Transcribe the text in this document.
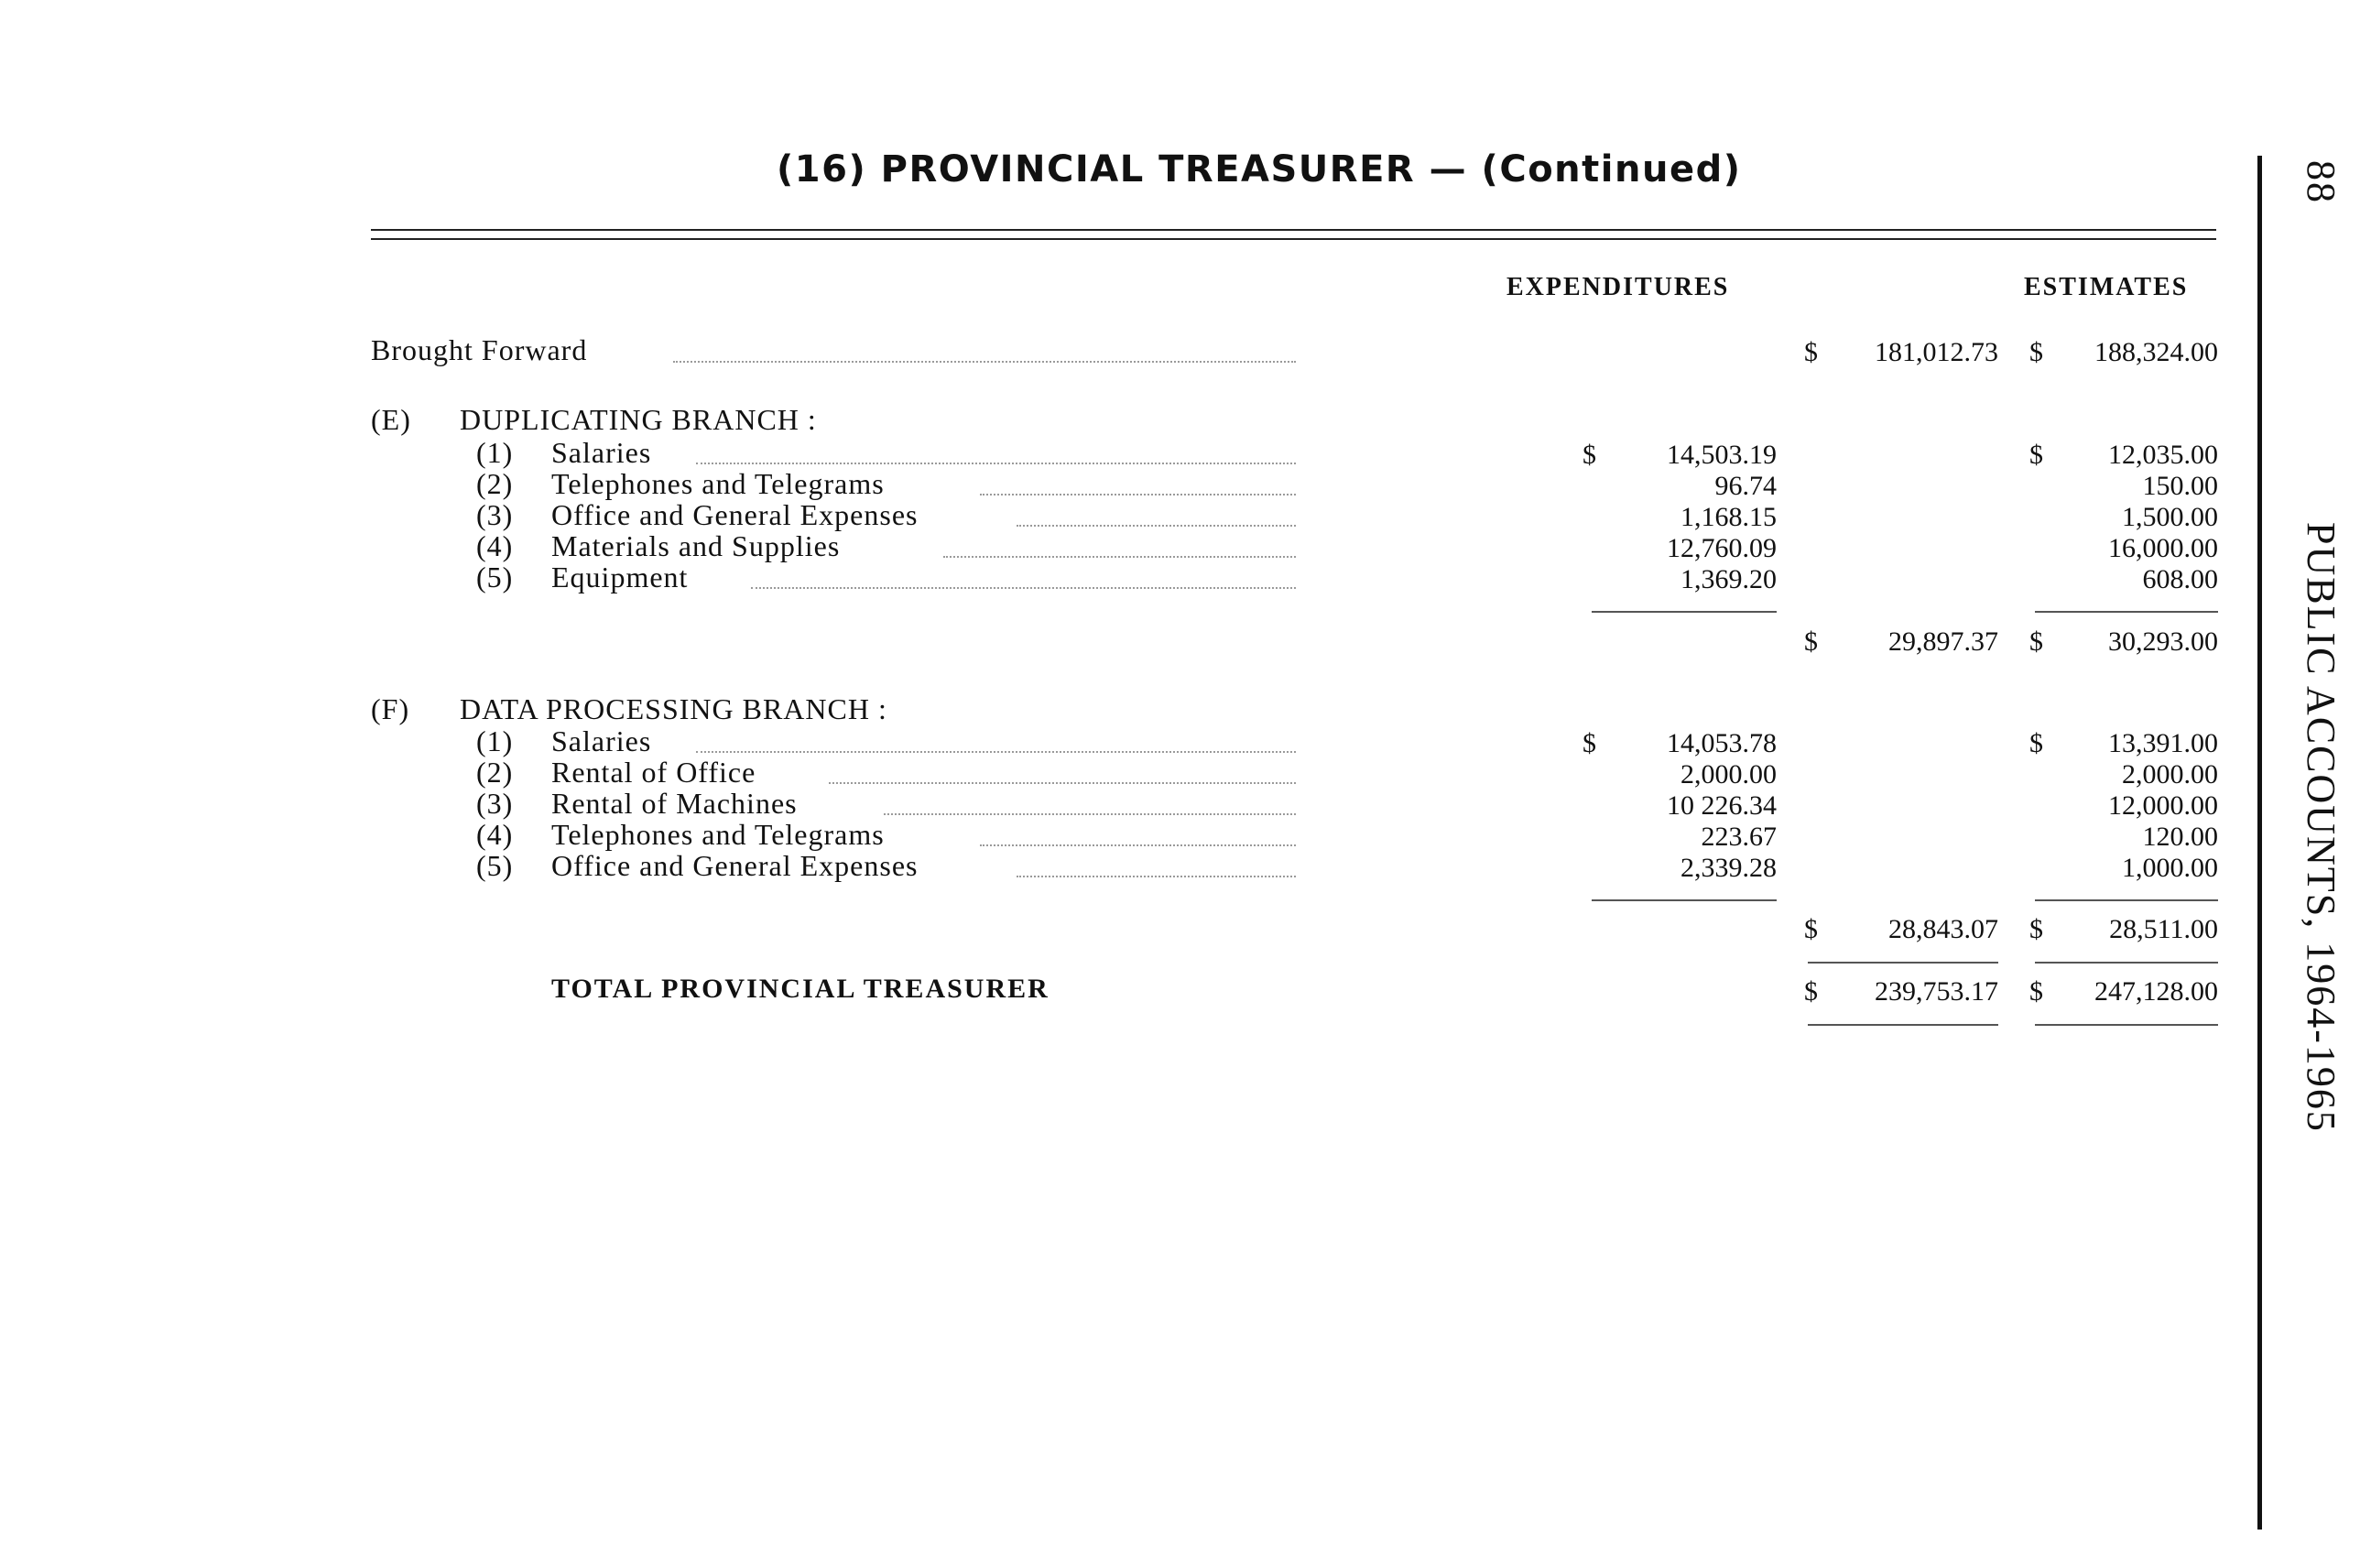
(16) PROVINCIAL TREASURER — (Continued)	88
PUBLIC ACCOUNTS, 1964-1965
EXPENDITURES	ESTIMATES
Brought Forward	$	181,012.73 $	188,324.00
(E) DUPLICATING BRANCH :
(1) Salaries	$	14,503.19	$	12,035.00
(2) Telephones and Telegrams	96.74	150.00
(3) Office and General Expenses	1,168.15	1,500.00
(4) Materials and Supplies	12,760.09	16,000.00
(5) Equipment	1,369.20	608.00
$	29,897.37 $	30,293.00
(F) DATA PROCESSING BRANCH :
(1) Salaries	$	14,053.78	$	13,391.00
(2) Rental of Office	2,000.00	2,000.00
(3) Rental of Machines	10 226.34	12,000.00
(4) Telephones and Telegrams	223.67	120.00
(5) Office and General Expenses	2,339.28	1,000.00
$	28,843.07 $	28,511.00
TOTAL PROVINCIAL TREASURER	$	239,753.17 $	247,128.00
